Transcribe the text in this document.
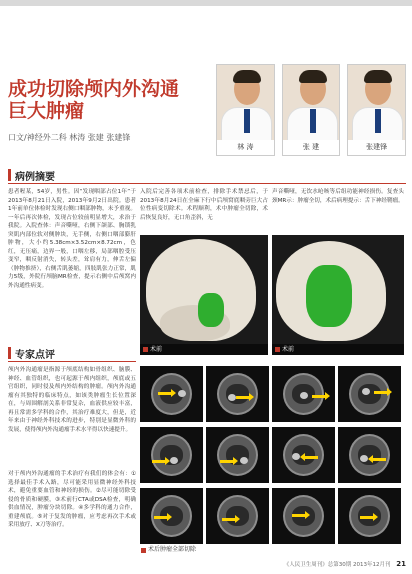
成功切除颅内外沟通
巨大肿瘤
口文/神经外二科 林涛 张建 张建锋
林 涛	张 建	张建锋
病例摘要
患者喔某，54岁，男性。因“发现咽部占位1年”于2013年8月21日入院，2013年9月2日出院。患者1年前单位体检时发现右侧口咽部肿物，未予重视。一年后再次体检，发现占位较前明显增大，求治于我院。入院查体：声音嘶哑，右侧下颌部、胸锁乳突肌内部位软对侧肿块，无手侧，右侧口咽部膨肝肿物，大小约5.38cm×3.52cm×8.72cm，色红，无压痛，边界一般，口咽左移，局部咽腔受压变窄，咽反射消失，转头差，耸肩有力，伸舌左偏（肿物推挤），右侧舌肌萎缩，四肢肌张力正常，肌力5级，外院行颅脑MR检查，提示右侧中后颅窝内外沟通性病变。
入院后完善各项术前检查，排除手术禁忌后，于2013年8月24日在全麻下行中后颅窝底咽旁巨大占位性病变切除术。术程顺利，术中肿瘤全切除，术后恢复良好，无口角歪斜，无
声音嘶哑，无饮水呛咳等后组功能神经损伤。复查头颈MR示：肿瘤全切，术后病理提示：舌下神经鞘瘤。
术前	术前
专家点评
颅内外沟通瘤是指源于颅底结构如骨组织、脑膜、神经、血管组织，也可起源于颅内组织，颅底或五官组织，同时侵及颅内外结构的肿瘤。颅内外沟通瘤有其独特的临床特点，如该类肿瘤生长位置深在，与周围解剖关系非常复杂，血液供应较丰富，再且常需多学科的合作，其治疗难度大，但是，近年来由于神经外科技术的进步，特别是显微外科的发展，使得颅内外沟通瘤手术水平得以快速提升。
对于颅内外沟通瘤的手术治疗有我们的体会有：①选择最佳手术入路，尽可能采用显微神经外科技术，避免重要血管和神经的损伤。②尽可能切除受侵的骨质和硬膜，③术前行CTA或DSA检查，明确供血情况，肿瘤分块切除。④多学科的通力合作，重建颅底。⑤对于复发的肿瘤，应考虑再次手术或采用放疗、X刀等治疗。
术后肿瘤全部切除
《人民卫生周刊》总第30期 2013年12月刊 21
